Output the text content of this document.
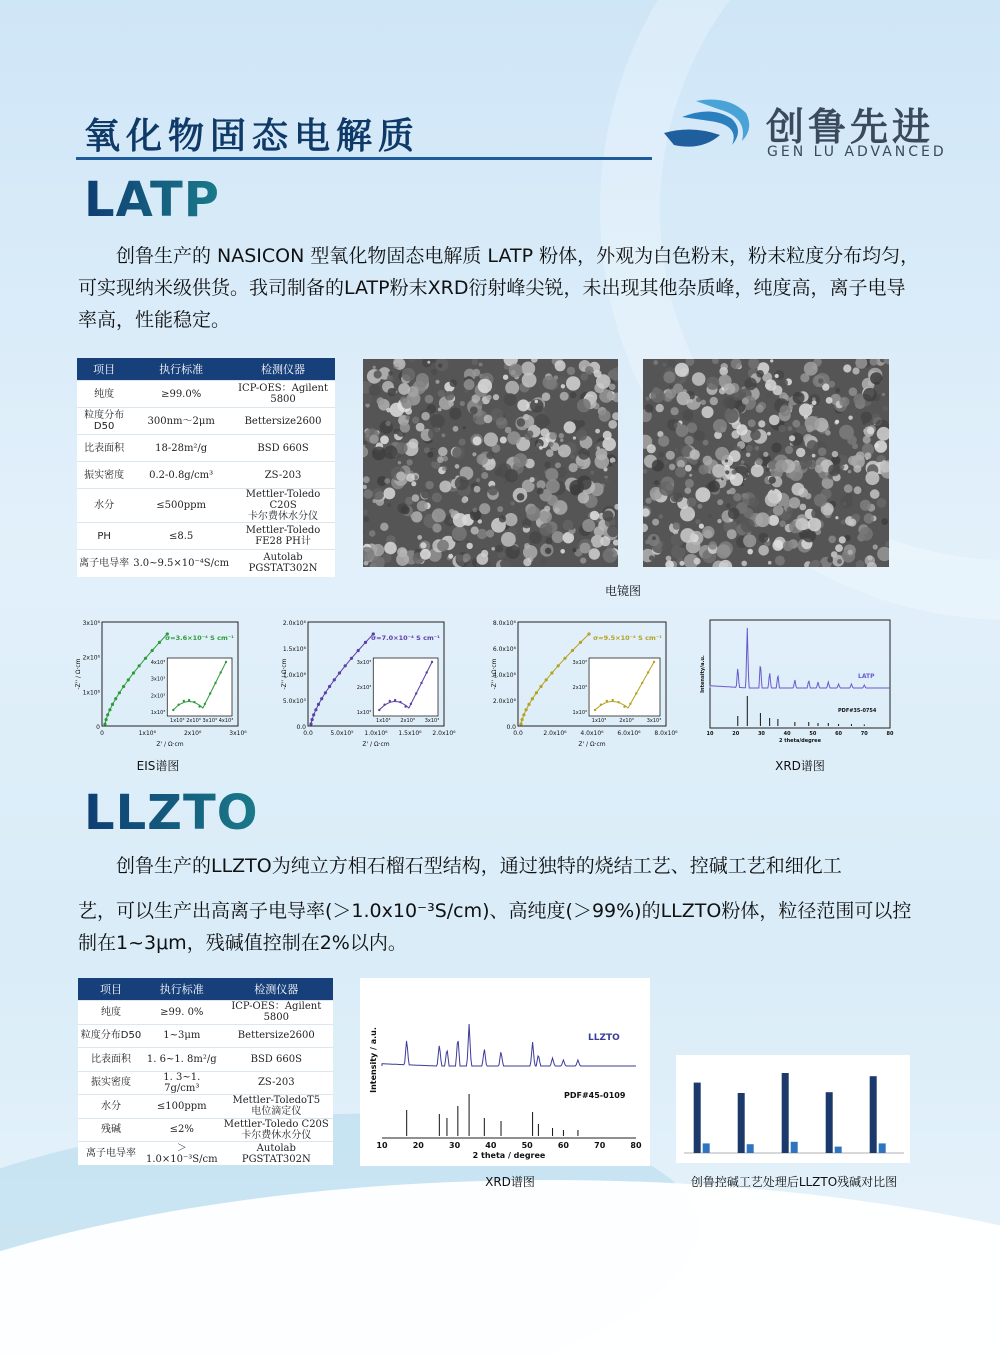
氧化物固态电解质	创鲁先进
GEN LU ADVANCED
LATP
　　创鲁生产的 NASICON 型氧化物固态电解质 LATP 粉体，外观为白色粉末，粉末粒度分布均匀，可实现纳米级供货。我司制备的LATP粉末XRD衍射峰尖锐，未出现其他杂质峰，纯度高，离子电导率高，性能稳定。
项目	执行标准	检测仪器
纯度	≥99.0%	ICP-OES：Agilent 5800
粒度分布D50	300nm～2μm	Bettersize2600
比表面积	18-28m²/g	BSD 660S
振实密度	0.2-0.8g/cm³	ZS-203
水分	≤500ppm	Mettler-Toledo C20S
卡尔费休水分仪
PH	≤8.5	Mettler-Toledo FE28 PH计
离子电导率	3.0~9.5×10⁻⁴S/cm	Autolab PGSTAT302N
电镜图
3x10⁶
2x10⁶
1x10⁶
0
0	1x10⁶	2x10⁶	3x10⁶
Z' / Ω·cm
-Z'' / Ω·cm
σ=3.6×10⁻⁴ S cm⁻¹
4x10³
3x10³
2x10³
1x10³
1x10³ 2x10³ 3x10³ 4x10³
2.0x10⁶
1.5x10⁶
1.0x10⁶
5.0x10⁵
0.0
0.0	5.0x10⁵ 1.0x10⁶ 1.5x10⁶ 2.0x10⁶
Z' / Ω·cm
-Z'' / Ω·cm
σ=7.0×10⁻⁴ S cm⁻¹
3x10³
2x10³
1x10³
1x10³ 2x10³ 3x10³
8.0x10⁶
6.0x10⁶
4.0x10⁶
2.0x10⁶
0.0
0.0	2.0x10⁶ 4.0x10⁶ 6.0x10⁶ 8.0x10⁶
Z' / Ω·cm
-Z'' / Ω·cm
σ=9.5×10⁻⁴ S cm⁻¹
3x10³
2x10³
1x10³
1x10³	2x10³	3x10³
EIS谱图
10	20	30	40	50	60	70	80
2 theta/degree
Intensity/a.u.	LATP
PDF#35-0754
XRD谱图
LLZTO
　　创鲁生产的LLZTO为纯立方相石榴石型结构，通过独特的烧结工艺、控碱工艺和细化工
艺，可以生产出高离子电导率(＞1.0x10⁻³S/cm)、高纯度(＞99%)的LLZTO粉体，粒径范围可以控制在1~3μm，残碱值控制在2%以内。
项目	执行标准	检测仪器
纯度	≥99. 0%	ICP-OES：Agilent 5800
粒度分布D50	1~3μm	Bettersize2600
比表面积	1. 6~1. 8m²/g	BSD 660S
振实密度	1. 3~1. 7g/cm³	ZS-203
水分	≤100ppm	Mettler-ToledoT5
电位滴定仪
残碱	≤2%	Mettler-Toledo C20S
卡尔费休水分仪
离子电导率	＞1.0×10⁻³S/cm	Autolab PGSTAT302N
10	20	30	40	50	60	70	80
2 theta / degree
Intensity / a.u.	LLZTO
PDF#45-0109
XRD谱图	创鲁控碱工艺处理后LLZTO残碱对比图
